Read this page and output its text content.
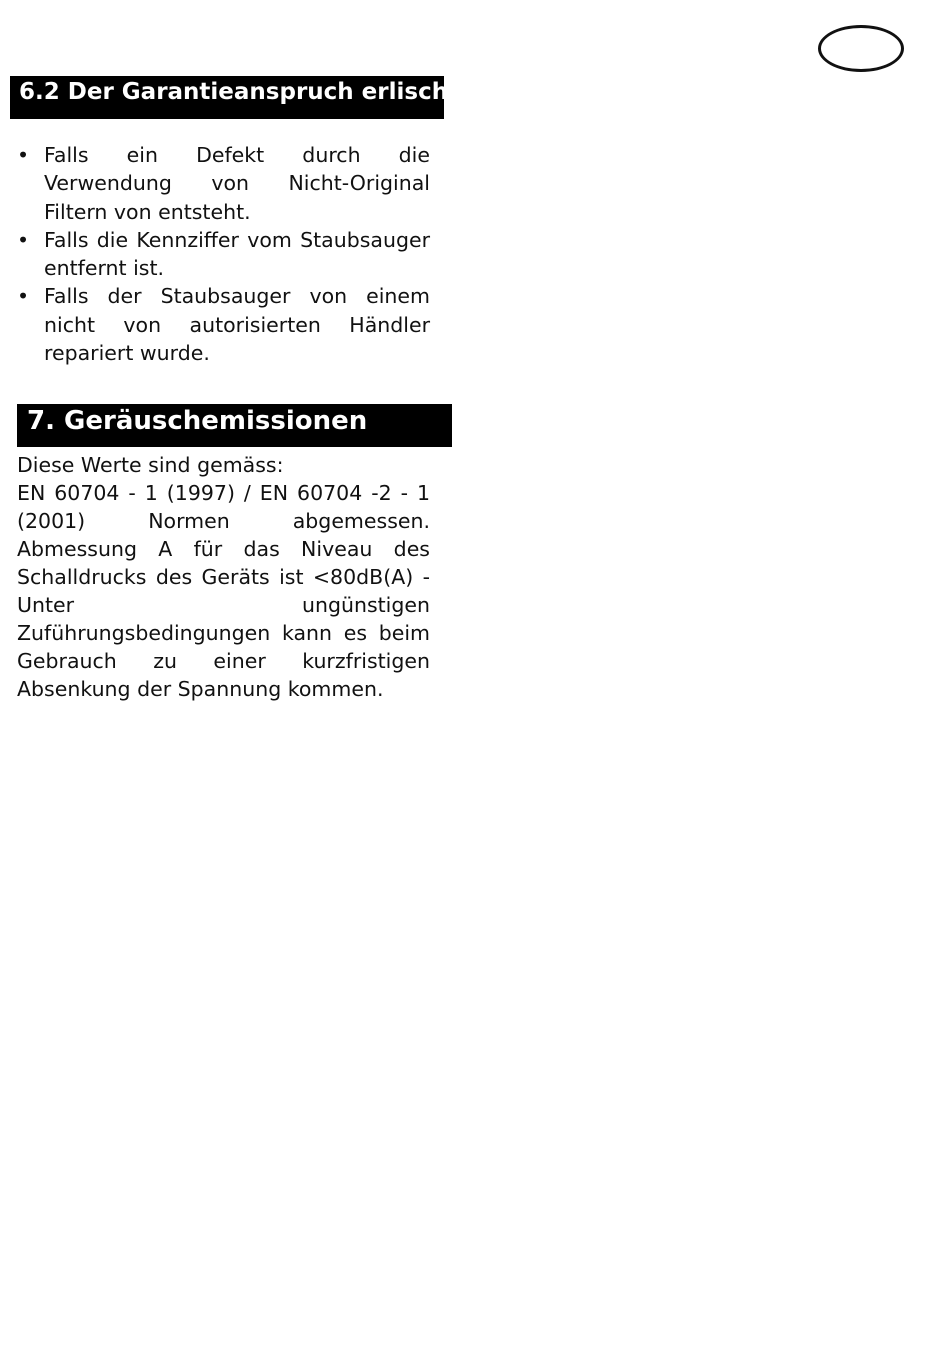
6.2 Der Garantieanspruch erlischt
• Falls ein Defekt durch die Verwendung von Nicht-Original Filtern von entsteht.
• Falls die Kennziffer vom Staubsauger entfernt ist.
• Falls der Staubsauger von einem nicht von autorisierten Händler repariert wurde.
7. Geräuschemissionen
Diese Werte sind gemäss:
EN 60704 - 1 (1997) / EN 60704 -2 - 1
(2001) Normen abgemessen.
Abmessung A für das Niveau des
Schalldrucks des Geräts ist <80dB(A) -
Unter ungünstigen
Zuführungsbedingungen kann es beim
Gebrauch zu einer kurzfristigen
Absenkung der Spannung kommen.
